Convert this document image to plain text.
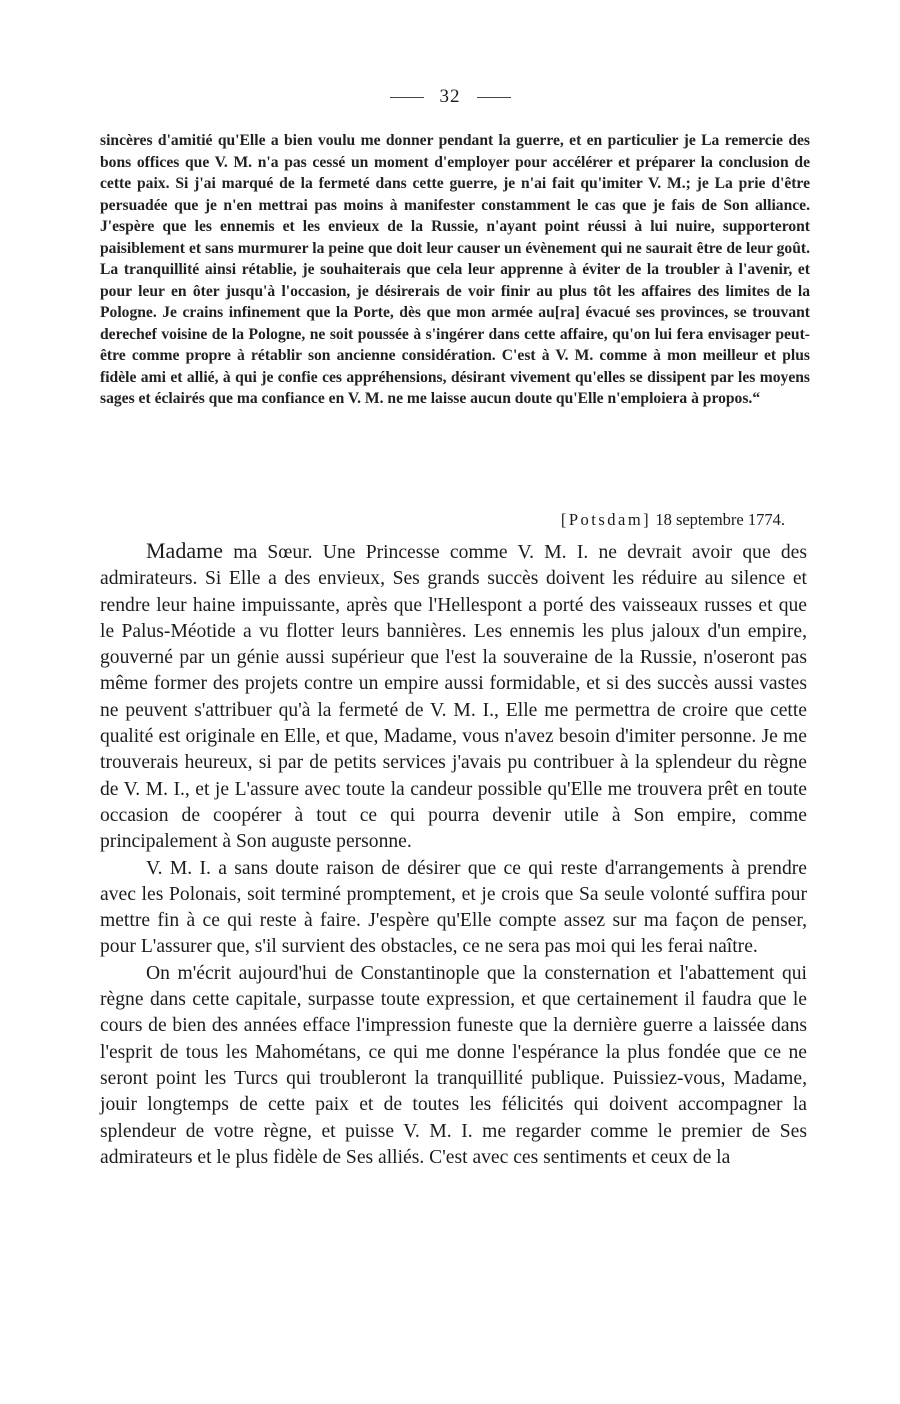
32

sincères d'amitié qu'Elle a bien voulu me donner pendant la guerre, et en particulier je La remercie des bons offices que V. M. n'a pas cessé un moment d'employer pour accélérer et préparer la conclusion de cette paix. Si j'ai marqué de la fermeté dans cette guerre, je n'ai fait qu'imiter V. M.; je La prie d'être persuadée que je n'en mettrai pas moins à manifester constamment le cas que je fais de Son alliance. J'espère que les ennemis et les envieux de la Russie, n'ayant point réussi à lui nuire, supporteront paisiblement et sans murmurer la peine que doit leur causer un évènement qui ne saurait être de leur goût. La tranquillité ainsi rétablie, je souhaiterais que cela leur apprenne à éviter de la troubler à l'avenir, et pour leur en ôter jusqu'à l'occasion, je désirerais de voir finir au plus tôt les affaires des limites de la Pologne. Je crains infinement que la Porte, dès que mon armée au[ra] évacué ses provinces, se trouvant derechef voisine de la Pologne, ne soit poussée à s'ingérer dans cette affaire, qu'on lui fera envisager peut-être comme propre à rétablir son ancienne considération. C'est à V. M. comme à mon meilleur et plus fidèle ami et allié, à qui je confie ces appréhensions, désirant vivement qu'elles se dissipent par les moyens sages et éclairés que ma confiance en V. M. ne me laisse aucun doute qu'Elle n'emploiera à propos.“

[Potsdam] 18 septembre 1774.

Madame ma Sœur. Une Princesse comme V. M. I. ne devrait avoir que des admirateurs. Si Elle a des envieux, Ses grands succès doivent les réduire au silence et rendre leur haine impuissante, après que l'Hellespont a porté des vaisseaux russes et que le Palus-Méotide a vu flotter leurs bannières. Les ennemis les plus jaloux d'un empire, gouverné par un génie aussi supérieur que l'est la souveraine de la Russie, n'oseront pas même former des projets contre un empire aussi formidable, et si des succès aussi vastes ne peuvent s'attribuer qu'à la fermeté de V. M. I., Elle me permettra de croire que cette qualité est originale en Elle, et que, Madame, vous n'avez besoin d'imiter personne. Je me trouverais heureux, si par de petits services j'avais pu contribuer à la splendeur du règne de V. M. I., et je L'assure avec toute la candeur possible qu'Elle me trouvera prêt en toute occasion de coopérer à tout ce qui pourra devenir utile à Son empire, comme principalement à Son auguste personne.

V. M. I. a sans doute raison de désirer que ce qui reste d'arrangements à prendre avec les Polonais, soit terminé promptement, et je crois que Sa seule volonté suffira pour mettre fin à ce qui reste à faire. J'espère qu'Elle compte assez sur ma façon de penser, pour L'assurer que, s'il survient des obstacles, ce ne sera pas moi qui les ferai naître.

On m'écrit aujourd'hui de Constantinople que la consternation et l'abattement qui règne dans cette capitale, surpasse toute expression, et que certainement il faudra que le cours de bien des années efface l'impression funeste que la dernière guerre a laissée dans l'esprit de tous les Mahométans, ce qui me donne l'espérance la plus fondée que ce ne seront point les Turcs qui troubleront la tranquillité publique. Puissiez-vous, Madame, jouir longtemps de cette paix et de toutes les félicités qui doivent accompagner la splendeur de votre règne, et puisse V. M. I. me regarder comme le premier de Ses admirateurs et le plus fidèle de Ses alliés. C'est avec ces sentiments et ceux de la
